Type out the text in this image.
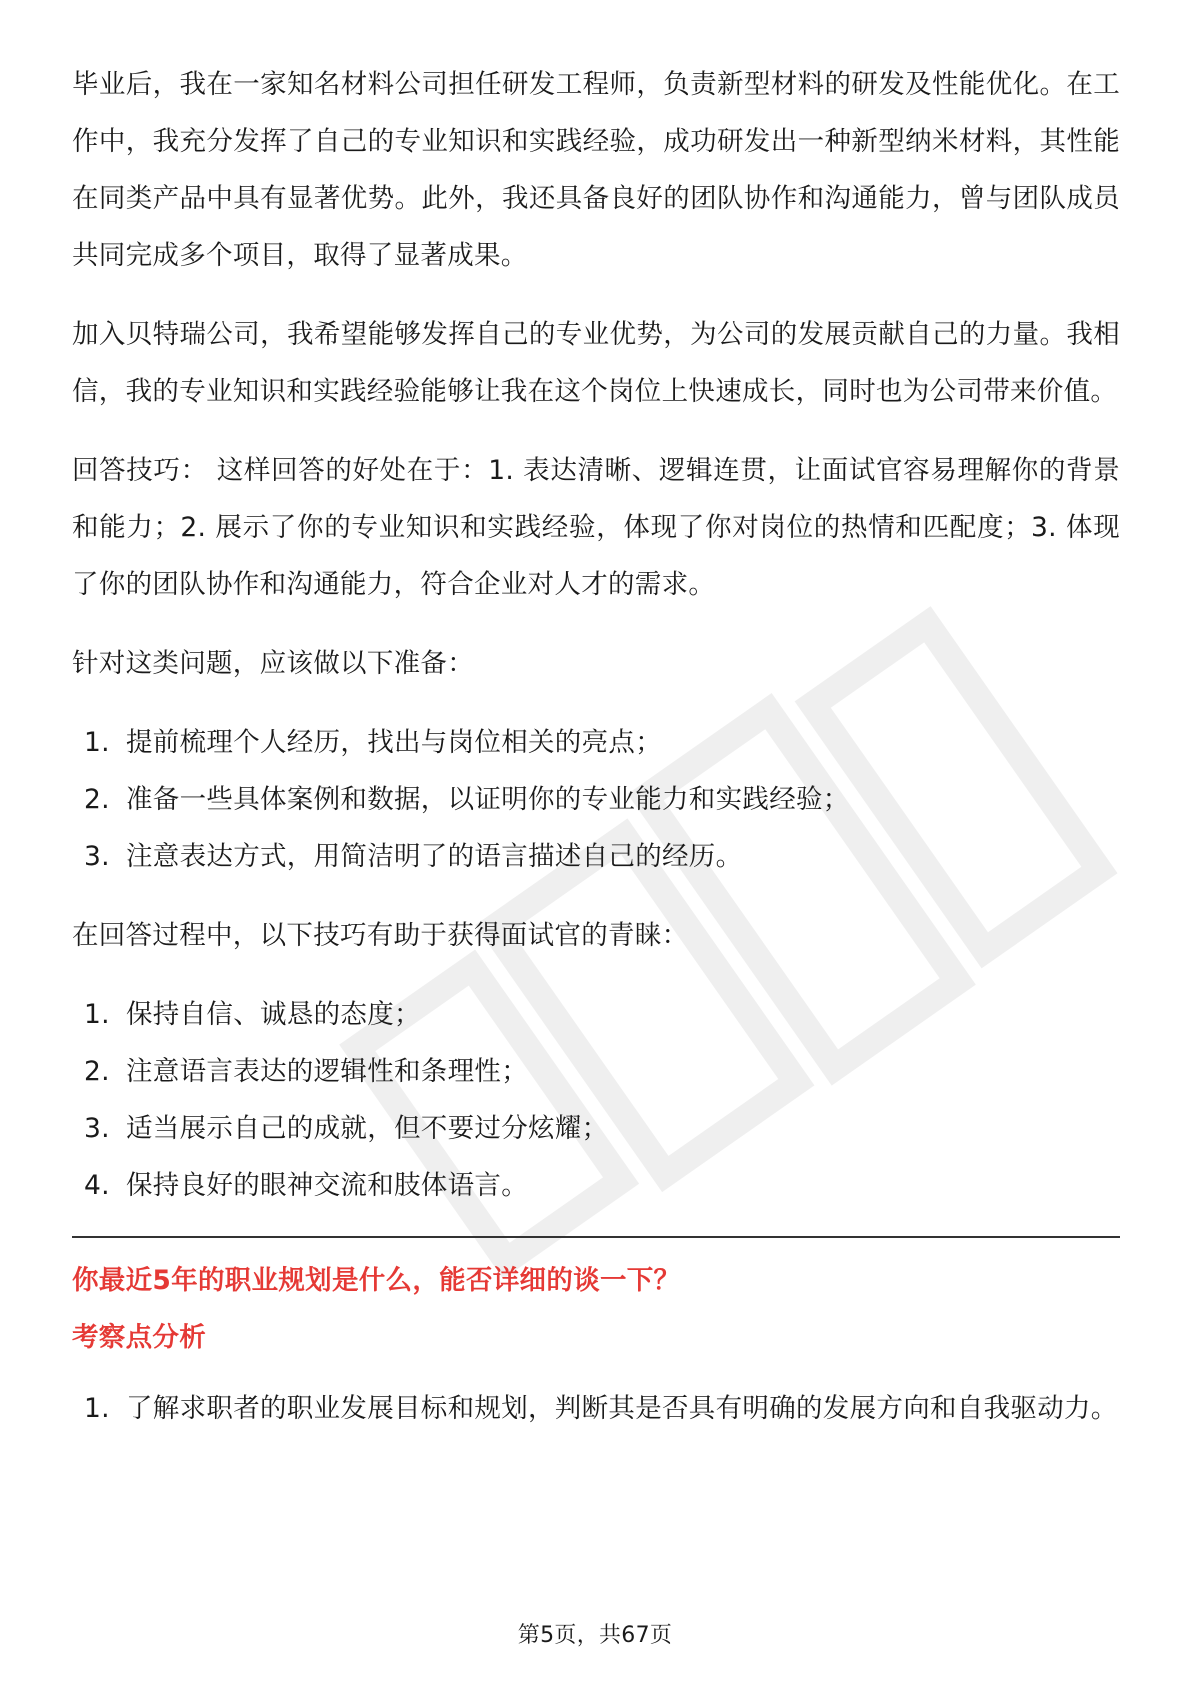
毕业后，我在一家知名材料公司担任研发工程师，负责新型材料的研发及性能优化。在工作中，我充分发挥了自己的专业知识和实践经验，成功研发出一种新型纳米材料，其性能在同类产品中具有显著优势。此外，我还具备良好的团队协作和沟通能力，曾与团队成员共同完成多个项目，取得了显著成果。

加入贝特瑞公司，我希望能够发挥自己的专业优势，为公司的发展贡献自己的力量。我相信，我的专业知识和实践经验能够让我在这个岗位上快速成长，同时也为公司带来价值。

回答技巧： 这样回答的好处在于：1. 表达清晰、逻辑连贯，让面试官容易理解你的背景和能力；2. 展示了你的专业知识和实践经验，体现了你对岗位的热情和匹配度；3. 体现了你的团队协作和沟通能力，符合企业对人才的需求。

针对这类问题，应该做以下准备：

1. 提前梳理个人经历，找出与岗位相关的亮点；
2. 准备一些具体案例和数据，以证明你的专业能力和实践经验；
3. 注意表达方式，用简洁明了的语言描述自己的经历。

在回答过程中，以下技巧有助于获得面试官的青睐：

1. 保持自信、诚恳的态度；
2. 注意语言表达的逻辑性和条理性；
3. 适当展示自己的成就，但不要过分炫耀；
4. 保持良好的眼神交流和肢体语言。
你最近5年的职业规划是什么，能否详细的谈一下？
考察点分析
1. 了解求职者的职业发展目标和规划，判断其是否具有明确的发展方向和自我驱动力。
第5页，共67页
